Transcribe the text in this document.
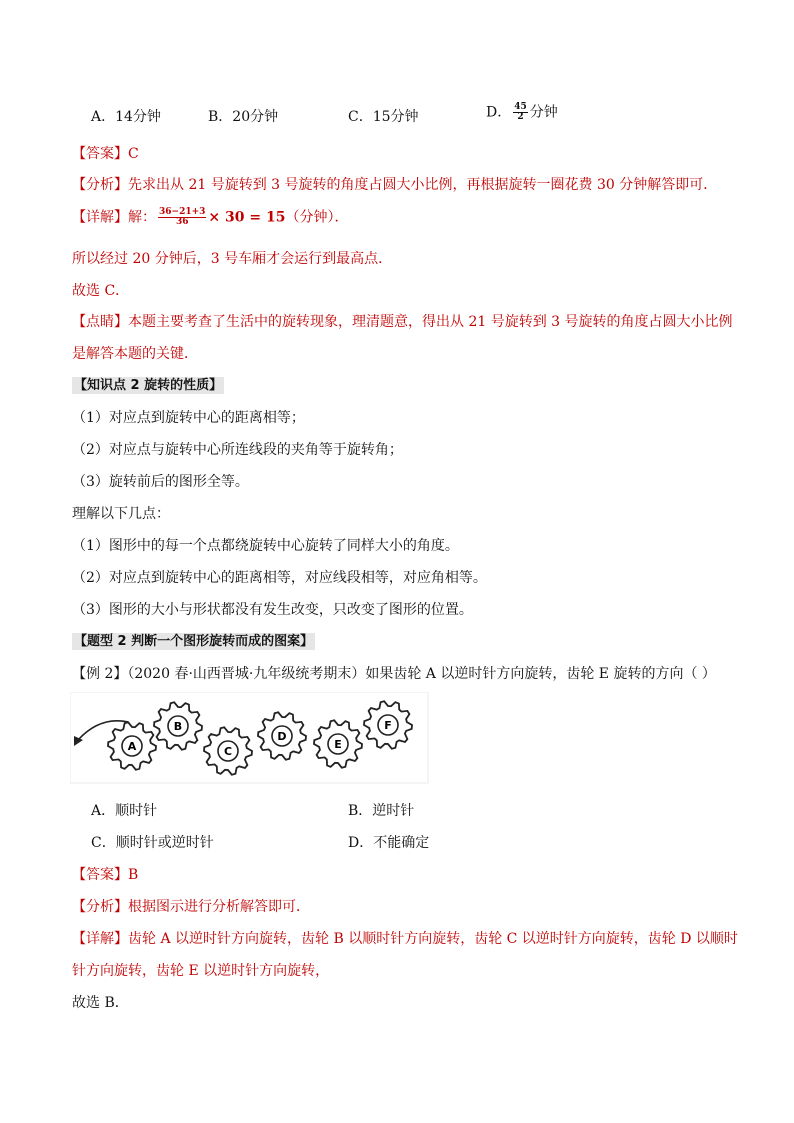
A．14分钟	B．20分钟	C．15分钟	D． $\frac{45}{2}$ 分钟
【答案】C
【分析】先求出从 21 号旋转到 3 号旋转的角度占圆大小比例，再根据旋转一圈花费 30 分钟解答即可．
【详解】解： $\frac{36-21+3}{36} \times 30 = 15$（分钟）．
所以经过 20 分钟后，3 号车厢才会运行到最高点．
故选 C．
【点睛】本题主要考查了生活中的旋转现象，理清题意，得出从 21 号旋转到 3 号旋转的角度占圆大小比例
是解答本题的关键．
【知识点 2 旋转的性质】
（1）对应点到旋转中心的距离相等；
（2）对应点与旋转中心所连线段的夹角等于旋转角；
（3）旋转前后的图形全等。
理解以下几点：
（1）图形中的每一个点都绕旋转中心旋转了同样大小的角度。
（2）对应点到旋转中心的距离相等，对应线段相等，对应角相等。
（3）图形的大小与形状都没有发生改变，只改变了图形的位置。
【题型 2 判断一个图形旋转而成的图案】
【例 2】（2020 春·山西晋城·九年级统考期末）如果齿轮 A 以逆时针方向旋转，齿轮 E 旋转的方向（ ）
A
B
C
D
E
F
A．顺时针	B．逆时针
C．顺时针或逆时针	D．不能确定
【答案】B
【分析】根据图示进行分析解答即可．
【详解】齿轮 A 以逆时针方向旋转，齿轮 B 以顺时针方向旋转，齿轮 C 以逆时针方向旋转，齿轮 D 以顺时
针方向旋转，齿轮 E 以逆时针方向旋转，
故选 B．
